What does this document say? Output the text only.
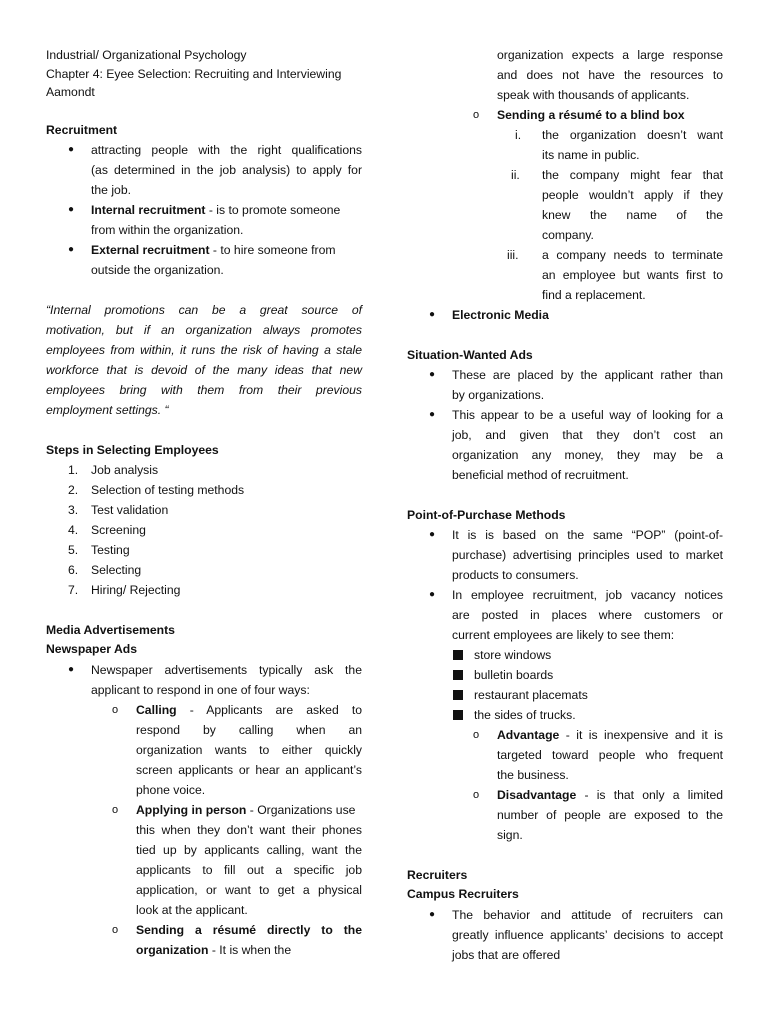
Industrial/ Organizational Psychology
Chapter 4: Eyee Selection: Recruiting and Interviewing
Aamondt
Recruitment
● attracting people with the right qualifications
(as determined in the job analysis) to apply for
the job.
● Internal recruitment - is to promote someone
from within the organization.
● External recruitment - to hire someone from
outside the organization.
“Internal promotions can be a great source of
motivation, but if an organization always promotes
employees from within, it runs the risk of having a stale
workforce that is devoid of the many ideas that new
employees bring with them from their previous
employment settings. “
Steps in Selecting Employees
1. Job analysis
2. Selection of testing methods
3. Test validation
4. Screening
5. Testing
6. Selecting
7. Hiring/ Rejecting
Media Advertisements
Newspaper Ads
● Newspaper advertisements typically ask the
applicant to respond in one of four ways:
o Calling - Applicants are asked to
respond by calling when an
organization wants to either quickly
screen applicants or hear an applicant’s
phone voice.
o Applying in person - Organizations use
this when they don’t want their phones
tied up by applicants calling, want the
applicants to fill out a specific job
application, or want to get a physical
look at the applicant.
o Sending a résumé directly to the
organization - It is when the
organization expects a large response
and does not have the resources to
speak with thousands of applicants.
o Sending a résumé to a blind box
i. the organization doesn’t want
its name in public.
ii. the company might fear that
people wouldn’t apply if they
knew the name of the
company.
iii. a company needs to terminate
an employee but wants first to
find a replacement.
● Electronic Media
Situation-Wanted Ads
● These are placed by the applicant rather than
by organizations.
● This appear to be a useful way of looking for a
job, and given that they don’t cost an
organization any money, they may be a
beneficial method of recruitment.
Point-of-Purchase Methods
● It is is based on the same “POP” (point-of-
purchase) advertising principles used to market
products to consumers.
● In employee recruitment, job vacancy notices
are posted in places where customers or
current employees are likely to see them:
store windows
bulletin boards
restaurant placemats
the sides of trucks.
o Advantage - it is inexpensive and it is
targeted toward people who frequent
the business.
o Disadvantage - is that only a limited
number of people are exposed to the
sign.
Recruiters
Campus Recruiters
● The behavior and attitude of recruiters can
greatly influence applicants’ decisions to accept
jobs that are offered
